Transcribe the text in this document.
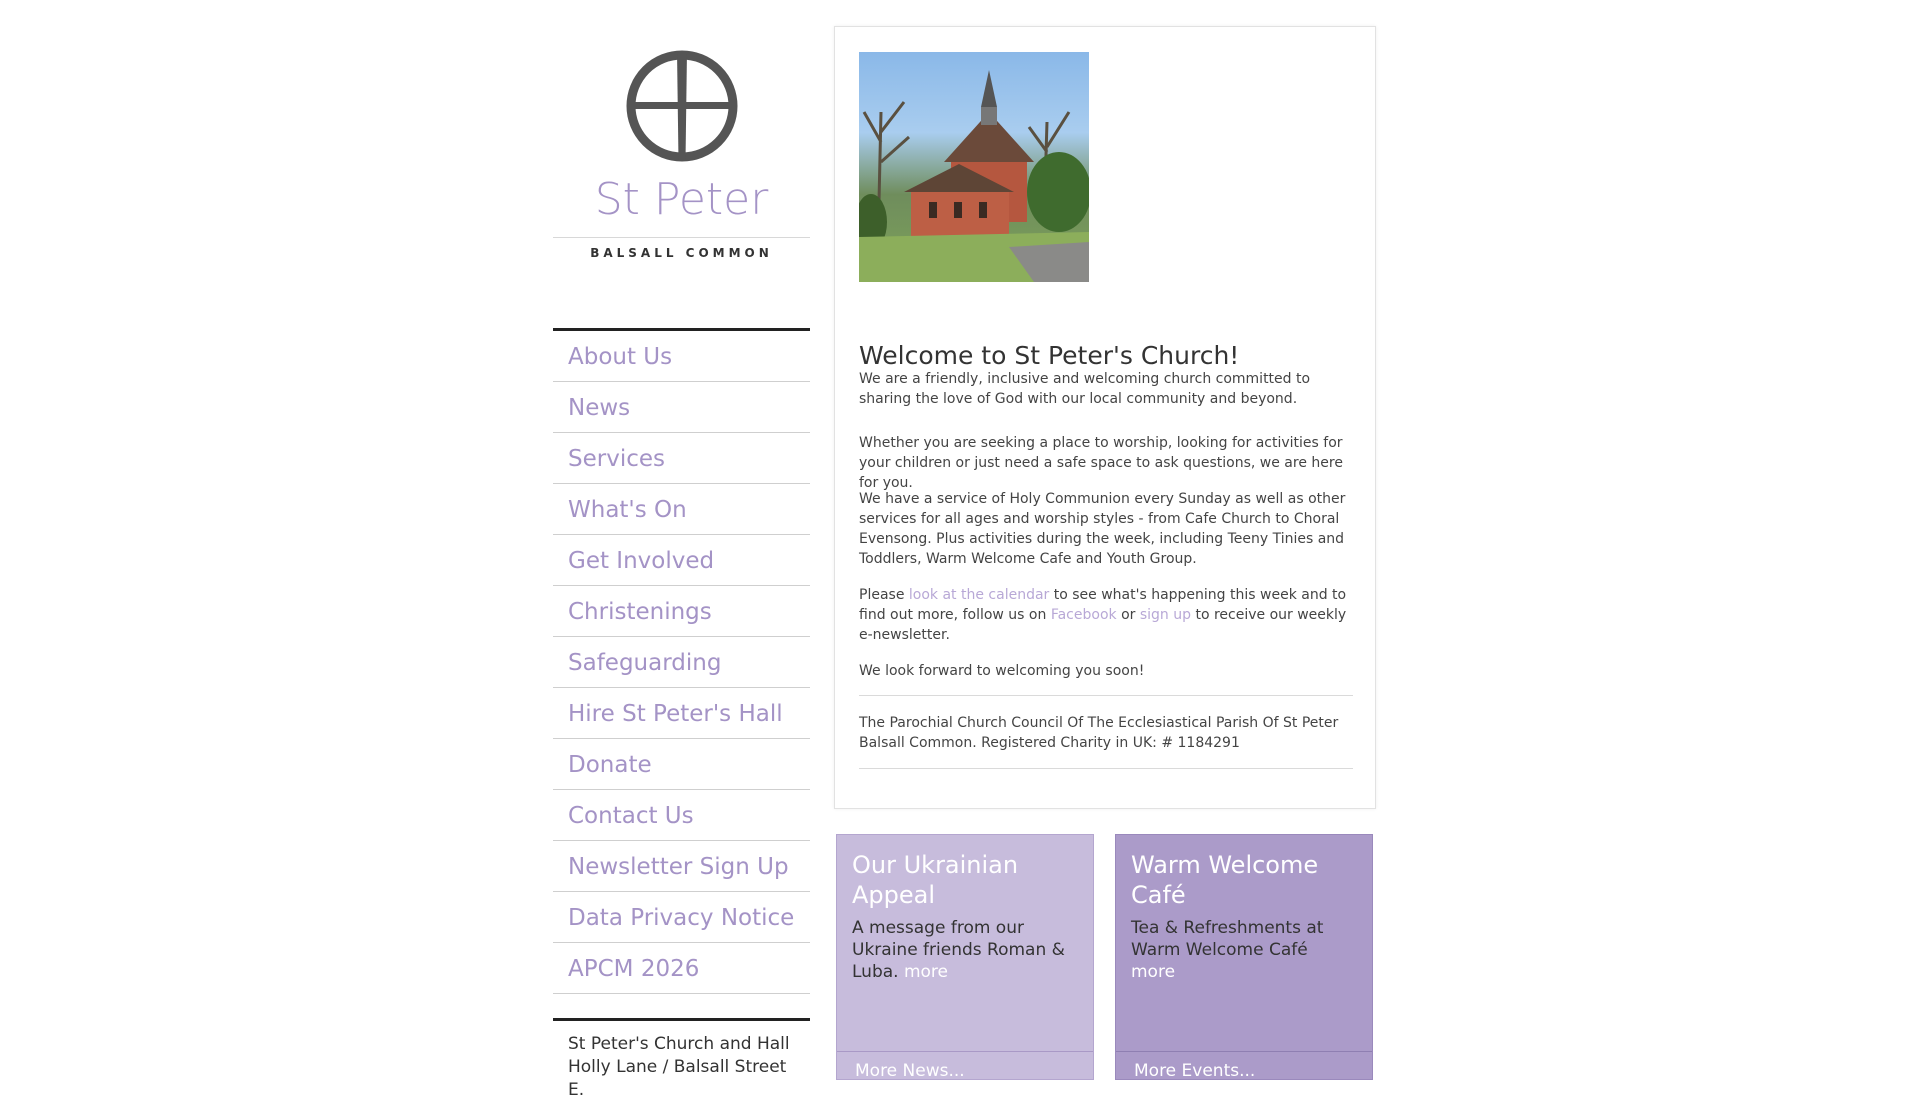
St Peter
BALSALL COMMON
About Us
News
Services
What's On
Get Involved
Christenings
Safeguarding
Hire St Peter's Hall
Donate
Contact Us
Newsletter Sign Up
Data Privacy Notice
APCM 2026
St Peter's Church and Hall
Holly Lane / Balsall Street E.
Welcome to St Peter's Church!
We are a friendly, inclusive and welcoming church committed to sharing the love of God with our local community and beyond.
Whether you are seeking a place to worship, looking for activities for your children or just need a safe space to ask questions, we are here for you.
We have a service of Holy Communion every Sunday as well as other services for all ages and worship styles - from Cafe Church to Choral Evensong. Plus activities during the week, including Teeny Tinies and Toddlers, Warm Welcome Cafe and Youth Group.
Please look at the calendar to see what's happening this week and to find out more, follow us on Facebook or sign up to receive our weekly e-newsletter.
We look forward to welcoming you soon!
The Parochial Church Council Of The Ecclesiastical Parish Of St Peter Balsall Common. Registered Charity in UK: # 1184291
Our Ukrainian Appeal
A message from our Ukraine friends Roman & Luba. more
More News...
Warm Welcome Café
Tea & Refreshments at Warm Welcome Café more
More Events...
